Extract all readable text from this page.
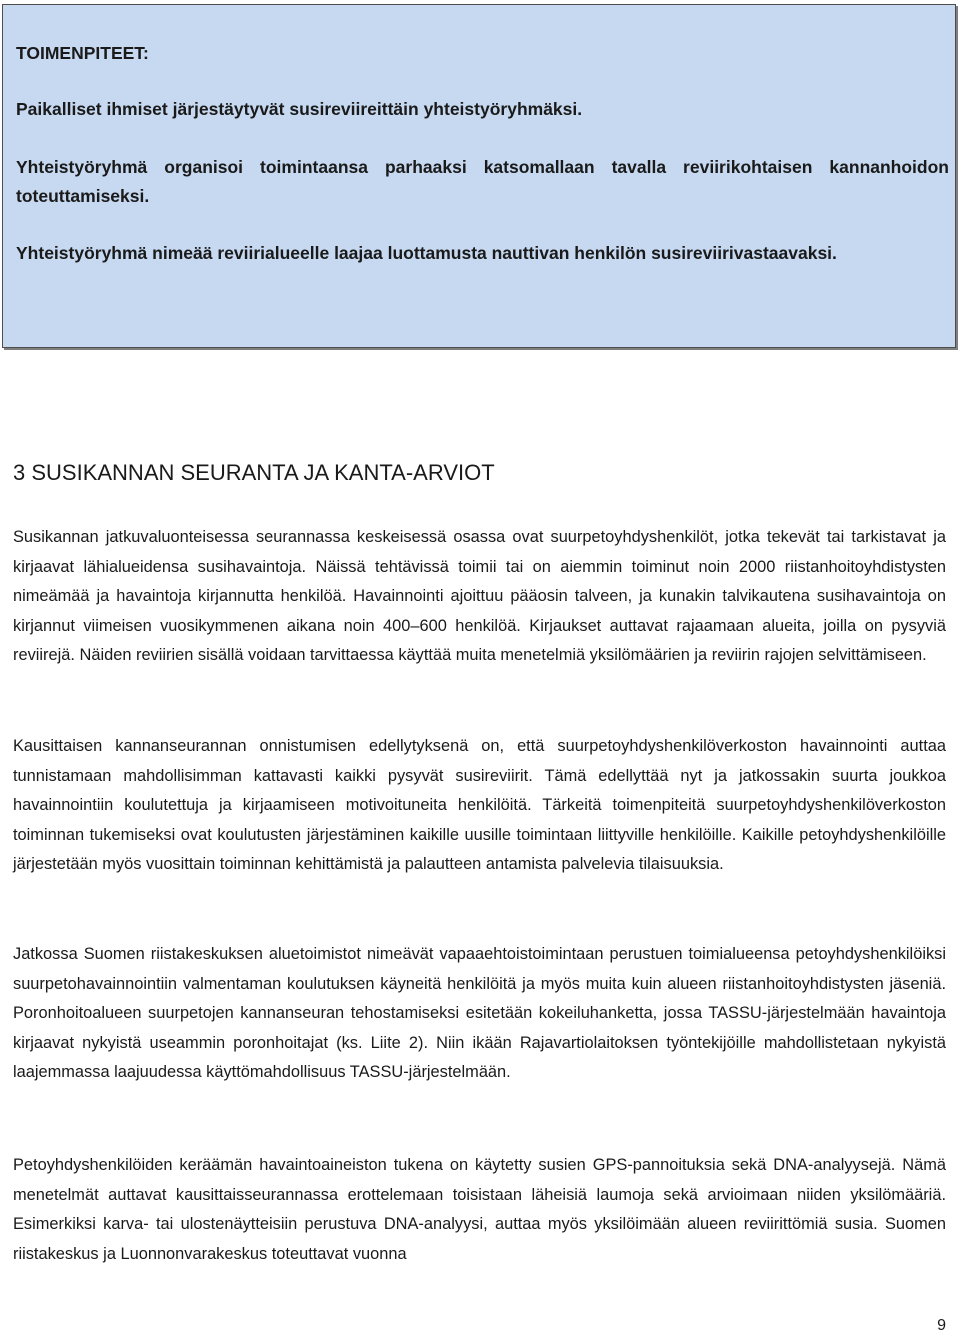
TOIMENPITEET:

Paikalliset ihmiset järjestäytyvät susireviireittäin yhteistyöryhmäksi.

Yhteistyöryhmä organisoi toimintaansa parhaaksi katsomallaan tavalla reviirikohtaisen kannanhoidon toteuttamiseksi.

Yhteistyöryhmä nimeää reviirialueelle laajaa luottamusta nauttivan henkilön susireviirivastaavaksi.

3 SUSIKANNAN SEURANTA JA KANTA-ARVIOT

Susikannan jatkuvaluonteisessa seurannassa keskeisessä osassa ovat suurpetoyhdyshenkilöt, jotka tekevät tai tarkistavat ja kirjaavat lähialueidensa susihavaintoja. Näissä tehtävissä toimii tai on aiemmin toiminut noin 2000 riistanhoitoyhdistysten nimeämää ja havaintoja kirjannutta henkilöä. Havainnointi ajoittuu pääosin talveen, ja kunakin talvikautena susihavaintoja on kirjannut viimeisen vuosikymmenen aikana noin 400–600 henkilöä. Kirjaukset auttavat rajaamaan alueita, joilla on pysyviä reviirejä. Näiden reviirien sisällä voidaan tarvittaessa käyttää muita menetelmiä yksilömäärien ja reviirin rajojen selvittämiseen.

Kausittaisen kannanseurannan onnistumisen edellytyksenä on, että suurpetoyhdyshenkilöverkoston havainnointi auttaa tunnistamaan mahdollisimman kattavasti kaikki pysyvät susireviirit. Tämä edellyttää nyt ja jatkossakin suurta joukkoa havainnointiin koulutettuja ja kirjaamiseen motivoituneita henkilöitä. Tärkeitä toimenpiteitä suurpetoyhdyshenkilöverkoston toiminnan tukemiseksi ovat koulutusten järjestäminen kaikille uusille toimintaan liittyville henkilöille. Kaikille petoyhdyshenkilöille järjestetään myös vuosittain toiminnan kehittämistä ja palautteen antamista palvelevia tilaisuuksia.

Jatkossa Suomen riistakeskuksen aluetoimistot nimeävät vapaaehtoistoimintaan perustuen toimialueensa petoyhdyshenkilöiksi suurpetohavainnointiin valmentaman koulutuksen käyneitä henkilöitä ja myös muita kuin alueen riistanhoitoyhdistysten jäseniä. Poronhoitoalueen suurpetojen kannanseuran tehostamiseksi esitetään kokeiluhanketta, jossa TASSU-järjestelmään havaintoja kirjaavat nykyistä useammin poronhoitajat (ks. Liite 2). Niin ikään Rajavartiolaitoksen työntekijöille mahdollistetaan nykyistä laajemmassa laajuudessa käyttömahdollisuus TASSU-järjestelmään.

Petoyhdyshenkilöiden keräämän havaintoaineiston tukena on käytetty susien GPS-pannoituksia sekä DNA-analyysejä. Nämä menetelmät auttavat kausittaisseurannassa erottelemaan toisistaan läheisiä laumoja sekä arvioimaan niiden yksilömääriä. Esimerkiksi karva- tai ulostenäytteisiin perustuva DNA-analyysi, auttaa myös yksilöimään alueen reviirittömiä susia. Suomen riistakeskus ja Luonnonvarakeskus toteuttavat vuonna

9
